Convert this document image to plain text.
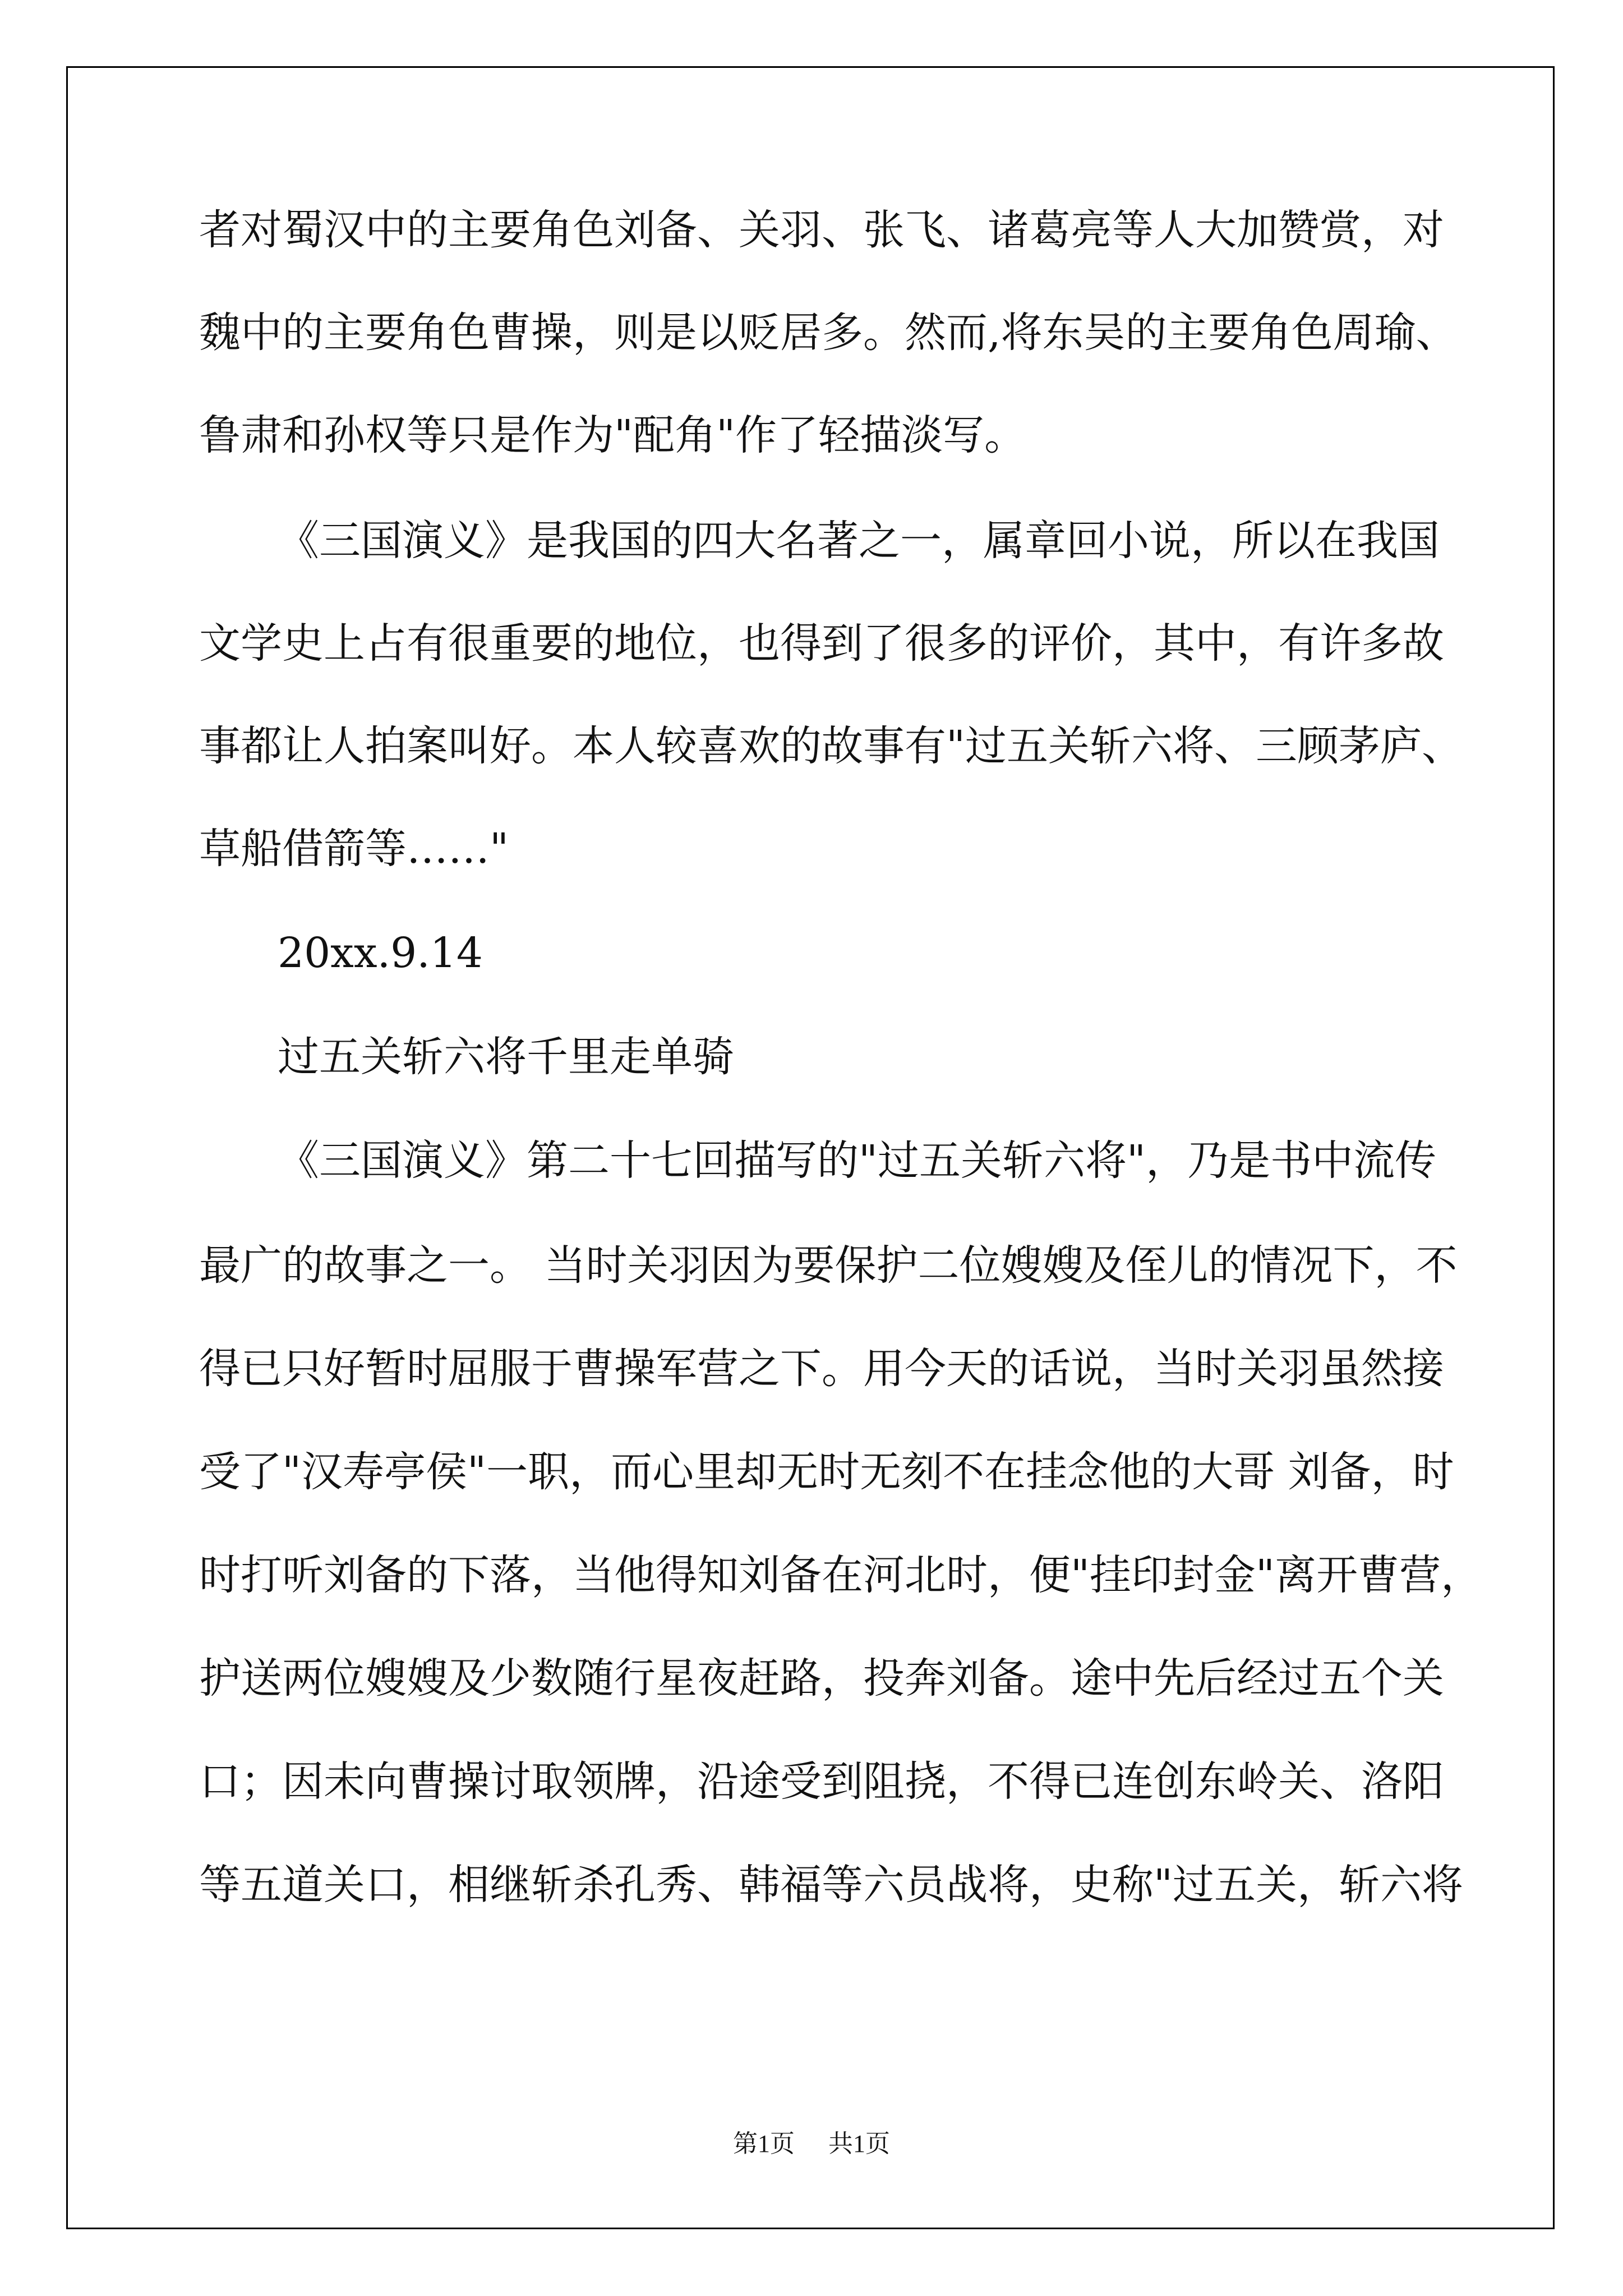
者对蜀汉中的主要角色刘备、关羽、张飞、诸葛亮等人大加赞赏，对
魏中的主要角色曹操，则是以贬居多。然而,将东吴的主要角色周瑜、
鲁肃和孙权等只是作为"配角"作了轻描淡写。
《三国演义》是我国的四大名著之一，属章回小说，所以在我国
文学史上占有很重要的地位，也得到了很多的评价，其中，有许多故
事都让人拍案叫好。本人较喜欢的故事有"过五关斩六将、三顾茅庐、
草船借箭等……"
20xx.9.14
过五关斩六将千里走单骑
《三国演义》第二十七回描写的"过五关斩六将"，乃是书中流传
最广的故事之一。 当时关羽因为要保护二位嫂嫂及侄儿的情况下，不
得已只好暂时屈服于曹操军营之下。用今天的话说，当时关羽虽然接
受了"汉寿亭侯"一职，而心里却无时无刻不在挂念他的大哥 刘备，时
时打听刘备的下落，当他得知刘备在河北时，便"挂印封金"离开曹营，
护送两位嫂嫂及少数随行星夜赶路，投奔刘备。途中先后经过五个关
口；因未向曹操讨取领牌，沿途受到阻挠，不得已连创东岭关、洛阳
等五道关口，相继斩杀孔秀、韩福等六员战将，史称"过五关，斩六将
第1页 共1页
